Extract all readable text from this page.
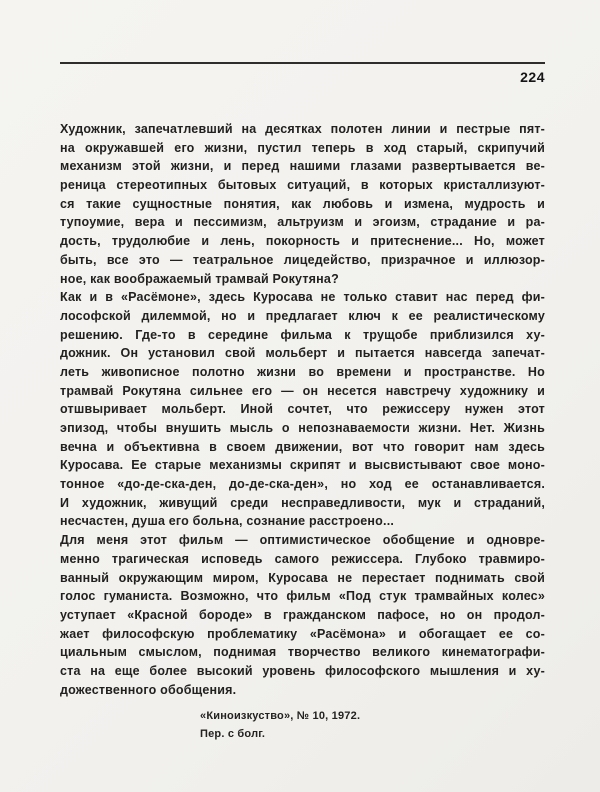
224
Художник, запечатлевший на десятках полотен линии и пестрые пят-
на окружавшей его жизни, пустил теперь в ход старый, скрипучий
механизм этой жизни, и перед нашими глазами развертывается ве-
реница стереотипных бытовых ситуаций, в которых кристаллизуют-
ся такие сущностные понятия, как любовь и измена, мудрость и
тупоумие, вера и пессимизм, альтруизм и эгоизм, страдание и ра-
дость, трудолюбие и лень, покорность и притеснение... Но, может
быть, все это — театральное лицедейство, призрачное и иллюзор-
ное, как воображаемый трамвай Рокутяна?
Как и в «Расёмоне», здесь Куросава не только ставит нас перед фи-
лософской дилеммой, но и предлагает ключ к ее реалистическому
решению. Где-то в середине фильма к трущобе приблизился ху-
дожник. Он установил свой мольберт и пытается навсегда запечат-
леть живописное полотно жизни во времени и пространстве. Но
трамвай Рокутяна сильнее его — он несется навстречу художнику и
отшвыривает мольберт. Иной сочтет, что режиссеру нужен этот
эпизод, чтобы внушить мысль о непознаваемости жизни. Нет. Жизнь
вечна и объективна в своем движении, вот что говорит нам здесь
Куросава. Ее старые механизмы скрипят и высвистывают свое моно-
тонное «до-де-ска-ден, до-де-ска-ден», но ход ее останавливается.
И художник, живущий среди несправедливости, мук и страданий,
несчастен, душа его больна, сознание расстроено...
Для меня этот фильм — оптимистическое обобщение и одновре-
менно трагическая исповедь самого режиссера. Глубоко травмиро-
ванный окружающим миром, Куросава не перестает поднимать свой
голос гуманиста. Возможно, что фильм «Под стук трамвайных колес»
уступает «Красной бороде» в гражданском пафосе, но он продол-
жает философскую проблематику «Расёмона» и обогащает ее со-
циальным смыслом, поднимая творчество великого кинематографи-
ста на еще более высокий уровень философского мышления и ху-
дожественного обобщения.
«Киноизкуство», № 10, 1972.
Пер. с болг.
